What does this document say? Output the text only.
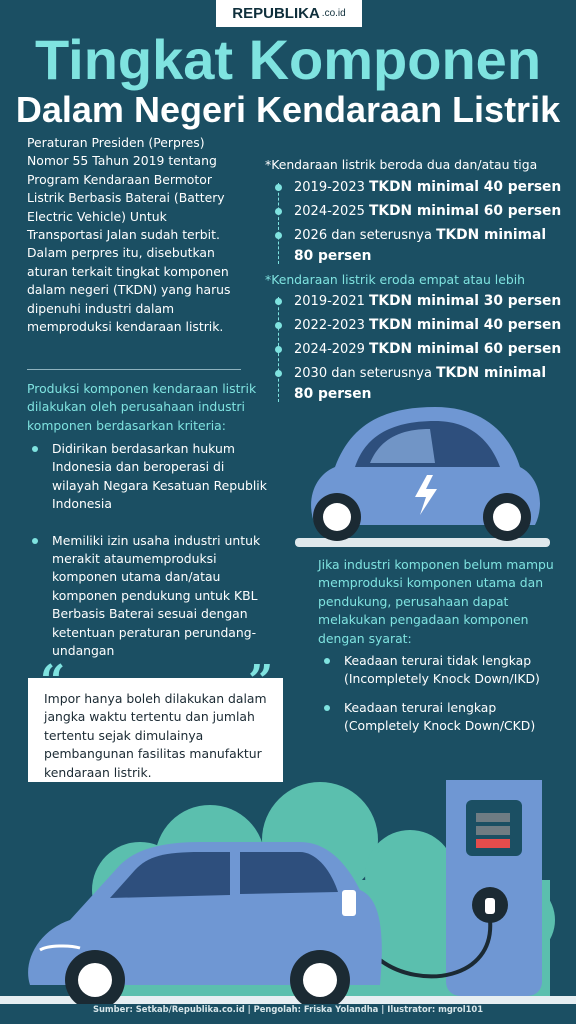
REPUBLIKA .co.id
Tingkat Komponen
Dalam Negeri Kendaraan Listrik
Peraturan Presiden (Perpres) Nomor 55 Tahun 2019 tentang Program Kendaraan Bermotor Listrik Berbasis Baterai (Battery Electric Vehicle) Untuk Transportasi Jalan sudah terbit. Dalam perpres itu, disebutkan aturan terkait tingkat komponen dalam negeri (TKDN) yang harus dipenuhi industri dalam memproduksi kendaraan listrik.
Produksi komponen kendaraan listrik dilakukan oleh perusahaan industri komponen berdasarkan kriteria:
Didirikan berdasarkan hukum Indonesia dan beroperasi di wilayah Negara Kesatuan Republik Indonesia
Memiliki izin usaha industri untuk merakit ataumemproduksi komponen utama dan/atau komponen pendukung untuk KBL Berbasis Baterai sesuai dengan ketentuan peraturan perundang-undangan
*Kendaraan listrik beroda dua dan/atau tiga
2019-2023 TKDN minimal 40 persen
2024-2025 TKDN minimal 60 persen
2026 dan seterusnya TKDN minimal 80 persen
*Kendaraan listrik eroda empat atau lebih
2019-2021 TKDN minimal 30 persen
2022-2023 TKDN minimal 40 persen
2024-2029 TKDN minimal 60 persen
2030 dan seterusnya TKDN minimal 80 persen
Jika industri komponen belum mampu memproduksi komponen utama dan pendukung, perusahaan dapat melakukan pengadaan komponen dengan syarat:
Keadaan terurai tidak lengkap (Incompletely Knock Down/IKD)
Keadaan terurai lengkap (Completely Knock Down/CKD)
“	”
Impor hanya boleh dilakukan dalam jangka waktu tertentu dan jumlah tertentu sejak dimulainya pembangunan fasilitas manufaktur kendaraan listrik.
Sumber: Setkab/Republika.co.id | Pengolah: Friska Yolandha | Ilustrator: mgrol101
